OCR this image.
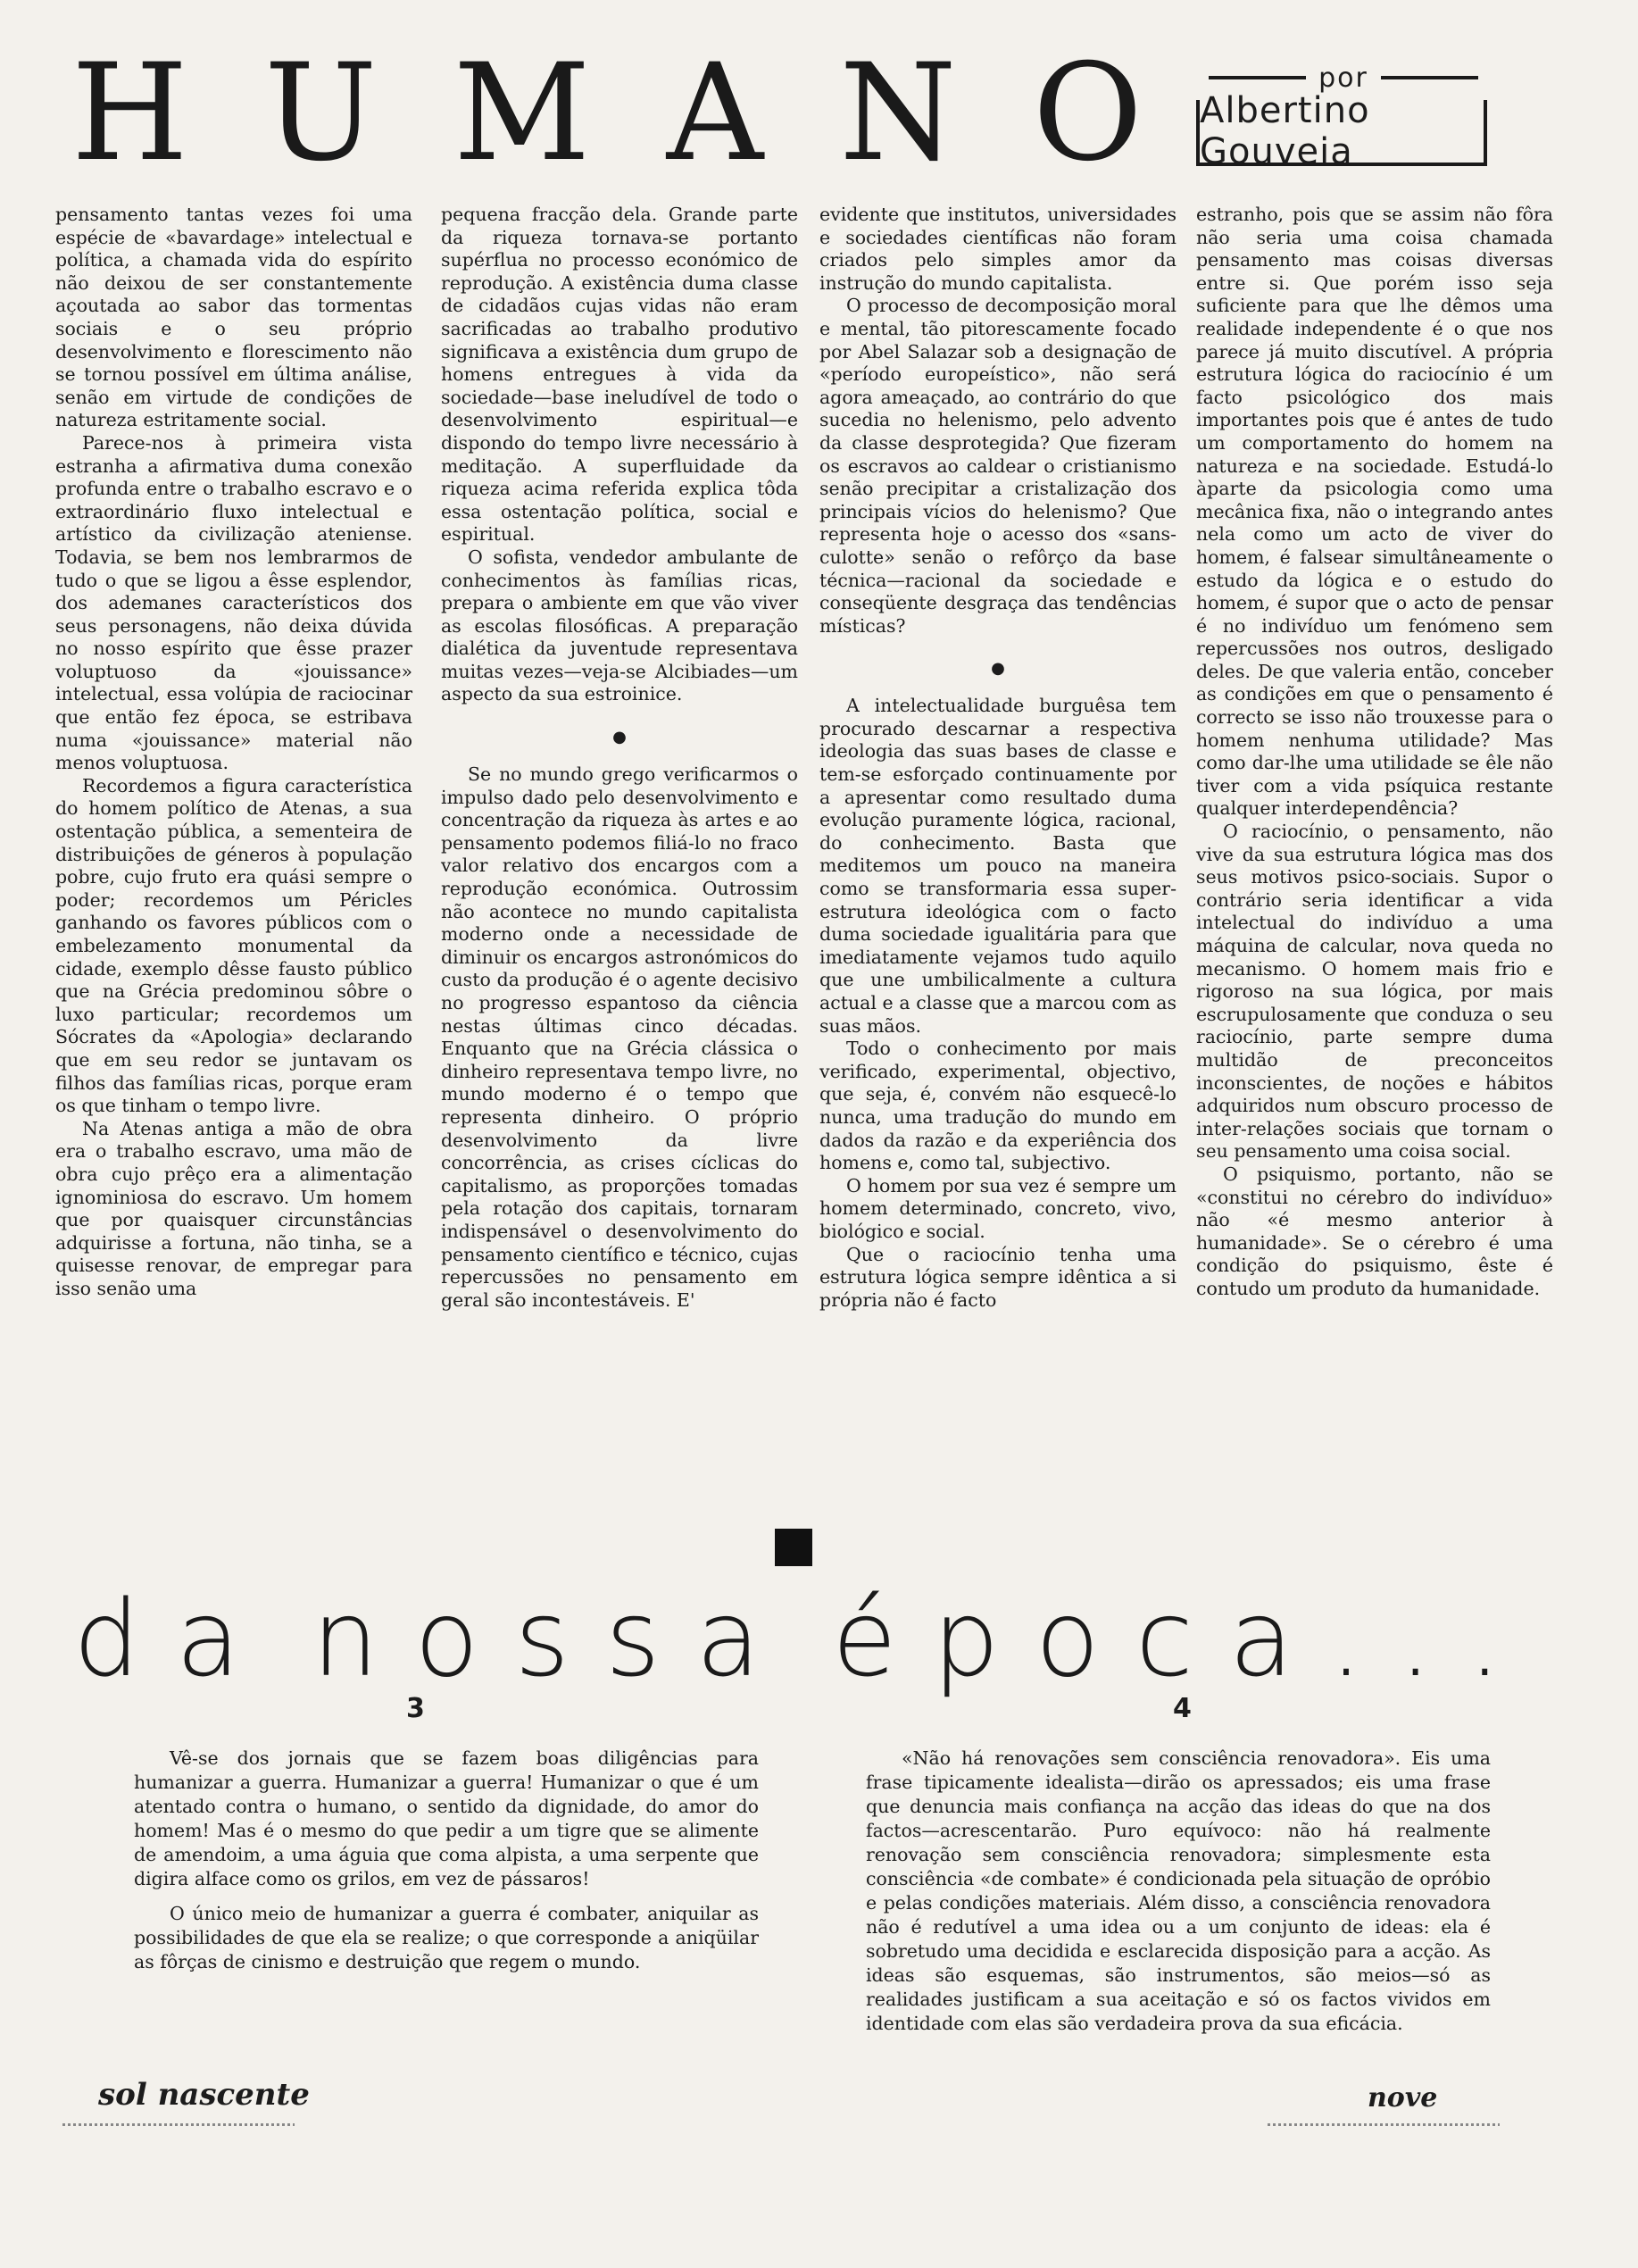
H U M A N O	por
Albertino Gouveia

pensamento tantas vezes foi uma espécie de «bavardage» intelectual e política, a chamada vida do espírito não deixou de ser constantemente açoutada ao sabor das tormentas sociais e o seu próprio desenvolvimento e florescimento não se tornou possível em última análise, senão em virtude de condições de natureza estritamente social.

Parece-nos à primeira vista estranha a afirmativa duma conexão profunda entre o trabalho escravo e o extraordinário fluxo intelectual e artístico da civilização ateniense. Todavia, se bem nos lembrarmos de tudo o que se ligou a êsse esplendor, dos ademanes característicos dos seus personagens, não deixa dúvida no nosso espírito que êsse prazer voluptuoso da «jouissance» intelectual, essa volúpia de raciocinar que então fez época, se estribava numa «jouissance» material não menos voluptuosa.

Recordemos a figura característica do homem político de Atenas, a sua ostentação pública, a sementeira de distribuições de géneros à população pobre, cujo fruto era quási sempre o poder; recordemos um Péricles ganhando os favores públicos com o embelezamento monumental da cidade, exemplo dêsse fausto público que na Grécia predominou sôbre o luxo particular; recordemos um Sócrates da «Apologia» declarando que em seu redor se juntavam os filhos das famílias ricas, porque eram os que tinham o tempo livre.

Na Atenas antiga a mão de obra era o trabalho escravo, uma mão de obra cujo prêço era a alimentação ignominiosa do escravo. Um homem que por quaisquer circunstâncias adquirisse a fortuna, não tinha, se a quisesse renovar, de empregar para isso senão uma

pequena fracção dela. Grande parte da riqueza tornava-se portanto supérflua no processo económico de reprodução. A existência duma classe de cidadãos cujas vidas não eram sacrificadas ao trabalho produtivo significava a existência dum grupo de homens entregues à vida da sociedade—base ineludível de todo o desenvolvimento espiritual—e dispondo do tempo livre necessário à meditação. A superfluidade da riqueza acima referida explica tôda essa ostentação política, social e espiritual.

O sofista, vendedor ambulante de conhecimentos às famílias ricas, prepara o ambiente em que vão viver as escolas filosóficas. A preparação dialética da juventude representava muitas vezes—veja-se Alcibiades—um aspecto da sua estroinice.

●

Se no mundo grego verificarmos o impulso dado pelo desenvolvimento e concentração da riqueza às artes e ao pensamento podemos filiá-lo no fraco valor relativo dos encargos com a reprodução económica. Outrossim não acontece no mundo capitalista moderno onde a necessidade de diminuir os encargos astronómicos do custo da produção é o agente decisivo no progresso espantoso da ciência nestas últimas cinco décadas. Enquanto que na Grécia clássica o dinheiro representava tempo livre, no mundo moderno é o tempo que representa dinheiro. O próprio desenvolvimento da livre concorrência, as crises cíclicas do capitalismo, as proporções tomadas pela rotação dos capitais, tornaram indispensável o desenvolvimento do pensamento científico e técnico, cujas repercussões no pensamento em geral são incontestáveis. E'

evidente que institutos, universidades e sociedades científicas não foram criados pelo simples amor da instrução do mundo capitalista.

O processo de decomposição moral e mental, tão pitorescamente focado por Abel Salazar sob a designação de «período europeístico», não será agora ameaçado, ao contrário do que sucedia no helenismo, pelo advento da classe desprotegida? Que fizeram os escravos ao caldear o cristianismo senão precipitar a cristalização dos principais vícios do helenismo? Que representa hoje o acesso dos «sans-culotte» senão o refôrço da base técnica—racional da sociedade e conseqüente desgraça das tendências místicas?

●

A intelectualidade burguêsa tem procurado descarnar a respectiva ideologia das suas bases de classe e tem-se esforçado continuamente por a apresentar como resultado duma evolução puramente lógica, racional, do conhecimento. Basta que meditemos um pouco na maneira como se transformaria essa super-estrutura ideológica com o facto duma sociedade igualitária para que imediatamente vejamos tudo aquilo que une umbilicalmente a cultura actual e a classe que a marcou com as suas mãos.

Todo o conhecimento por mais verificado, experimental, objectivo, que seja, é, convém não esquecê-lo nunca, uma tradução do mundo em dados da razão e da experiência dos homens e, como tal, subjectivo.

O homem por sua vez é sempre um homem determinado, concreto, vivo, biológico e social.

Que o raciocínio tenha uma estrutura lógica sempre idêntica a si própria não é facto

estranho, pois que se assim não fôra não seria uma coisa chamada pensamento mas coisas diversas entre si. Que porém isso seja suficiente para que lhe dêmos uma realidade independente é o que nos parece já muito discutível. A própria estrutura lógica do raciocínio é um facto psicológico dos mais importantes pois que é antes de tudo um comportamento do homem na natureza e na sociedade. Estudá-lo àparte da psicologia como uma mecânica fixa, não o integrando antes nela como um acto de viver do homem, é falsear simultâneamente o estudo da lógica e o estudo do homem, é supor que o acto de pensar é no indivíduo um fenómeno sem repercussões nos outros, desligado deles. De que valeria então, conceber as condições em que o pensamento é correcto se isso não trouxesse para o homem nenhuma utilidade? Mas como dar-lhe uma utilidade se êle não tiver com a vida psíquica restante qualquer interdependência?

O raciocínio, o pensamento, não vive da sua estrutura lógica mas dos seus motivos psico-sociais. Supor o contrário seria identificar a vida intelectual do indivíduo a uma máquina de calcular, nova queda no mecanismo. O homem mais frio e rigoroso na sua lógica, por mais escrupulosamente que conduza o seu raciocínio, parte sempre duma multidão de preconceitos inconscientes, de noções e hábitos adquiridos num obscuro processo de inter-relações sociais que tornam o seu pensamento uma coisa social.

O psiquismo, portanto, não se «constitui no cérebro do indivíduo» não «é mesmo anterior à humanidade». Se o cérebro é uma condição do psiquismo, êste é contudo um produto da humanidade.

d a n o s s a é p o c a . . .
3	4

Vê-se dos jornais que se fazem boas diligências para humanizar a guerra. Humanizar a guerra! Humanizar o que é um atentado contra o humano, o sentido da dignidade, do amor do homem! Mas é o mesmo do que pedir a um tigre que se alimente de amendoim, a uma águia que coma alpista, a uma serpente que digira alface como os grilos, em vez de pássaros!

O único meio de humanizar a guerra é combater, aniquilar as possibilidades de que ela se realize; o que corresponde a aniqüilar as fôrças de cinismo e destruição que regem o mundo.

«Não há renovações sem consciência renovadora». Eis uma frase tipicamente idealista—dirão os apressados; eis uma frase que denuncia mais confiança na acção das ideas do que na dos factos—acrescentarão. Puro equívoco: não há realmente renovação sem consciência renovadora; simplesmente esta consciência «de combate» é condicionada pela situação de opróbio e pelas condições materiais. Além disso, a consciência renovadora não é redutível a uma idea ou a um conjunto de ideas: ela é sobretudo uma decidida e esclarecida disposição para a acção. As ideas são esquemas, são instrumentos, são meios—só as realidades justificam a sua aceitação e só os factos vividos em identidade com elas são verdadeira prova da sua eficácia.

sol nascente	nove
